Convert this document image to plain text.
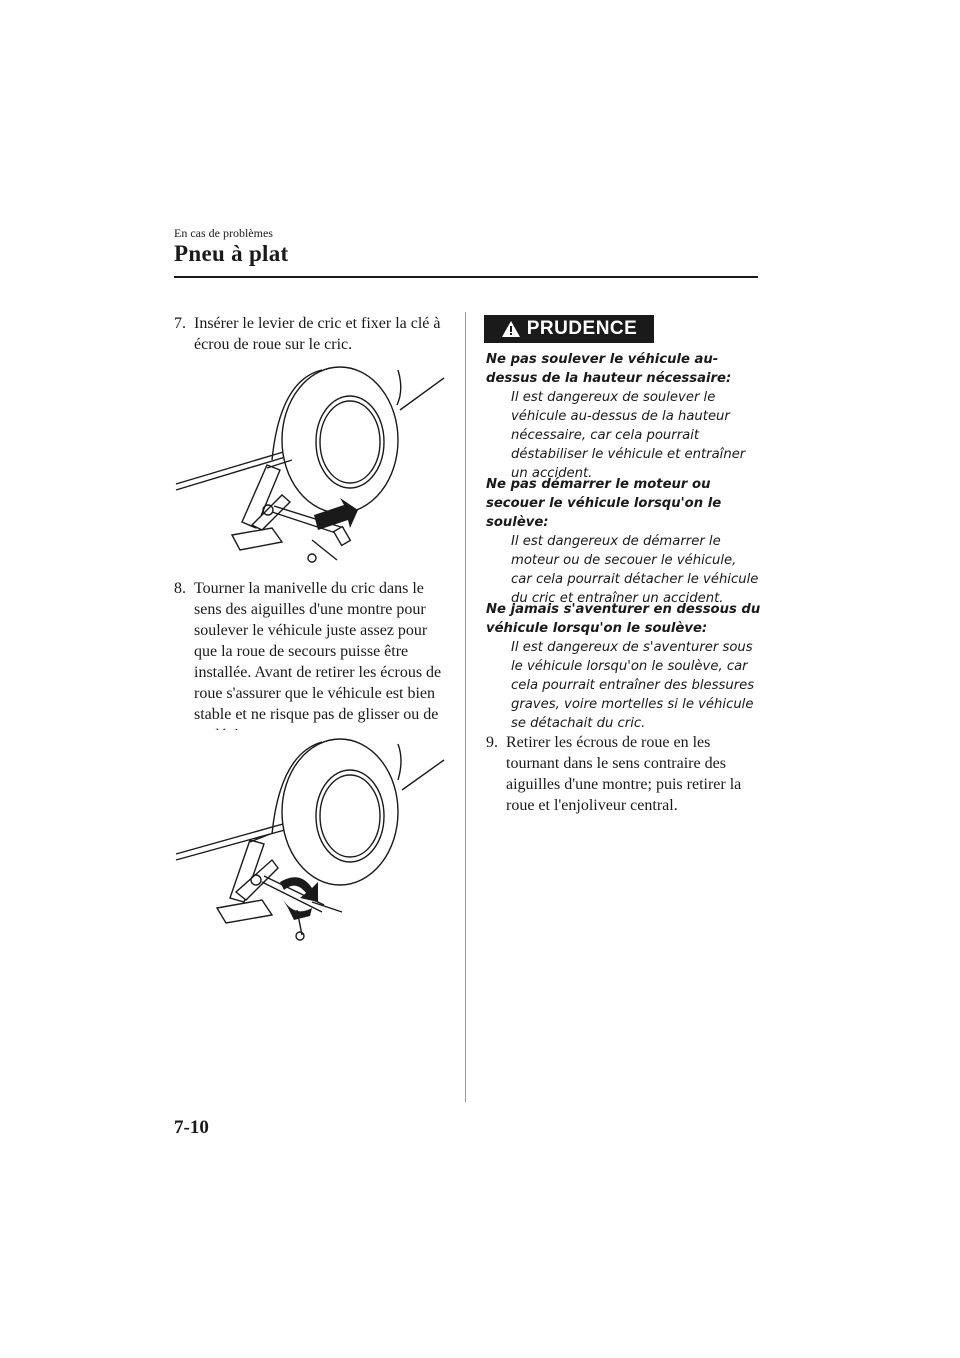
En cas de problèmes
Pneu à plat
7. Insérer le levier de cric et fixer la clé à écrou de roue sur le cric.
8. Tourner la manivelle du cric dans le sens des aiguilles d'une montre pour soulever le véhicule juste assez pour que la roue de secours puisse être installée. Avant de retirer les écrous de roue s'assurer que le véhicule est bien stable et ne risque pas de glisser ou de se déplacer.
PRUDENCE
Ne pas soulever le véhicule au-dessus de la hauteur nécessaire:
Il est dangereux de soulever le véhicule au-dessus de la hauteur nécessaire, car cela pourrait déstabiliser le véhicule et entraîner un accident.
Ne pas démarrer le moteur ou secouer le véhicule lorsqu'on le soulève:
Il est dangereux de démarrer le moteur ou de secouer le véhicule, car cela pourrait détacher le véhicule du cric et entraîner un accident.
Ne jamais s'aventurer en dessous du véhicule lorsqu'on le soulève:
Il est dangereux de s'aventurer sous le véhicule lorsqu'on le soulève, car cela pourrait entraîner des blessures graves, voire mortelles si le véhicule se détachait du cric.
9. Retirer les écrous de roue en les tournant dans le sens contraire des aiguilles d'une montre; puis retirer la roue et l'enjoliveur central.
7-10
